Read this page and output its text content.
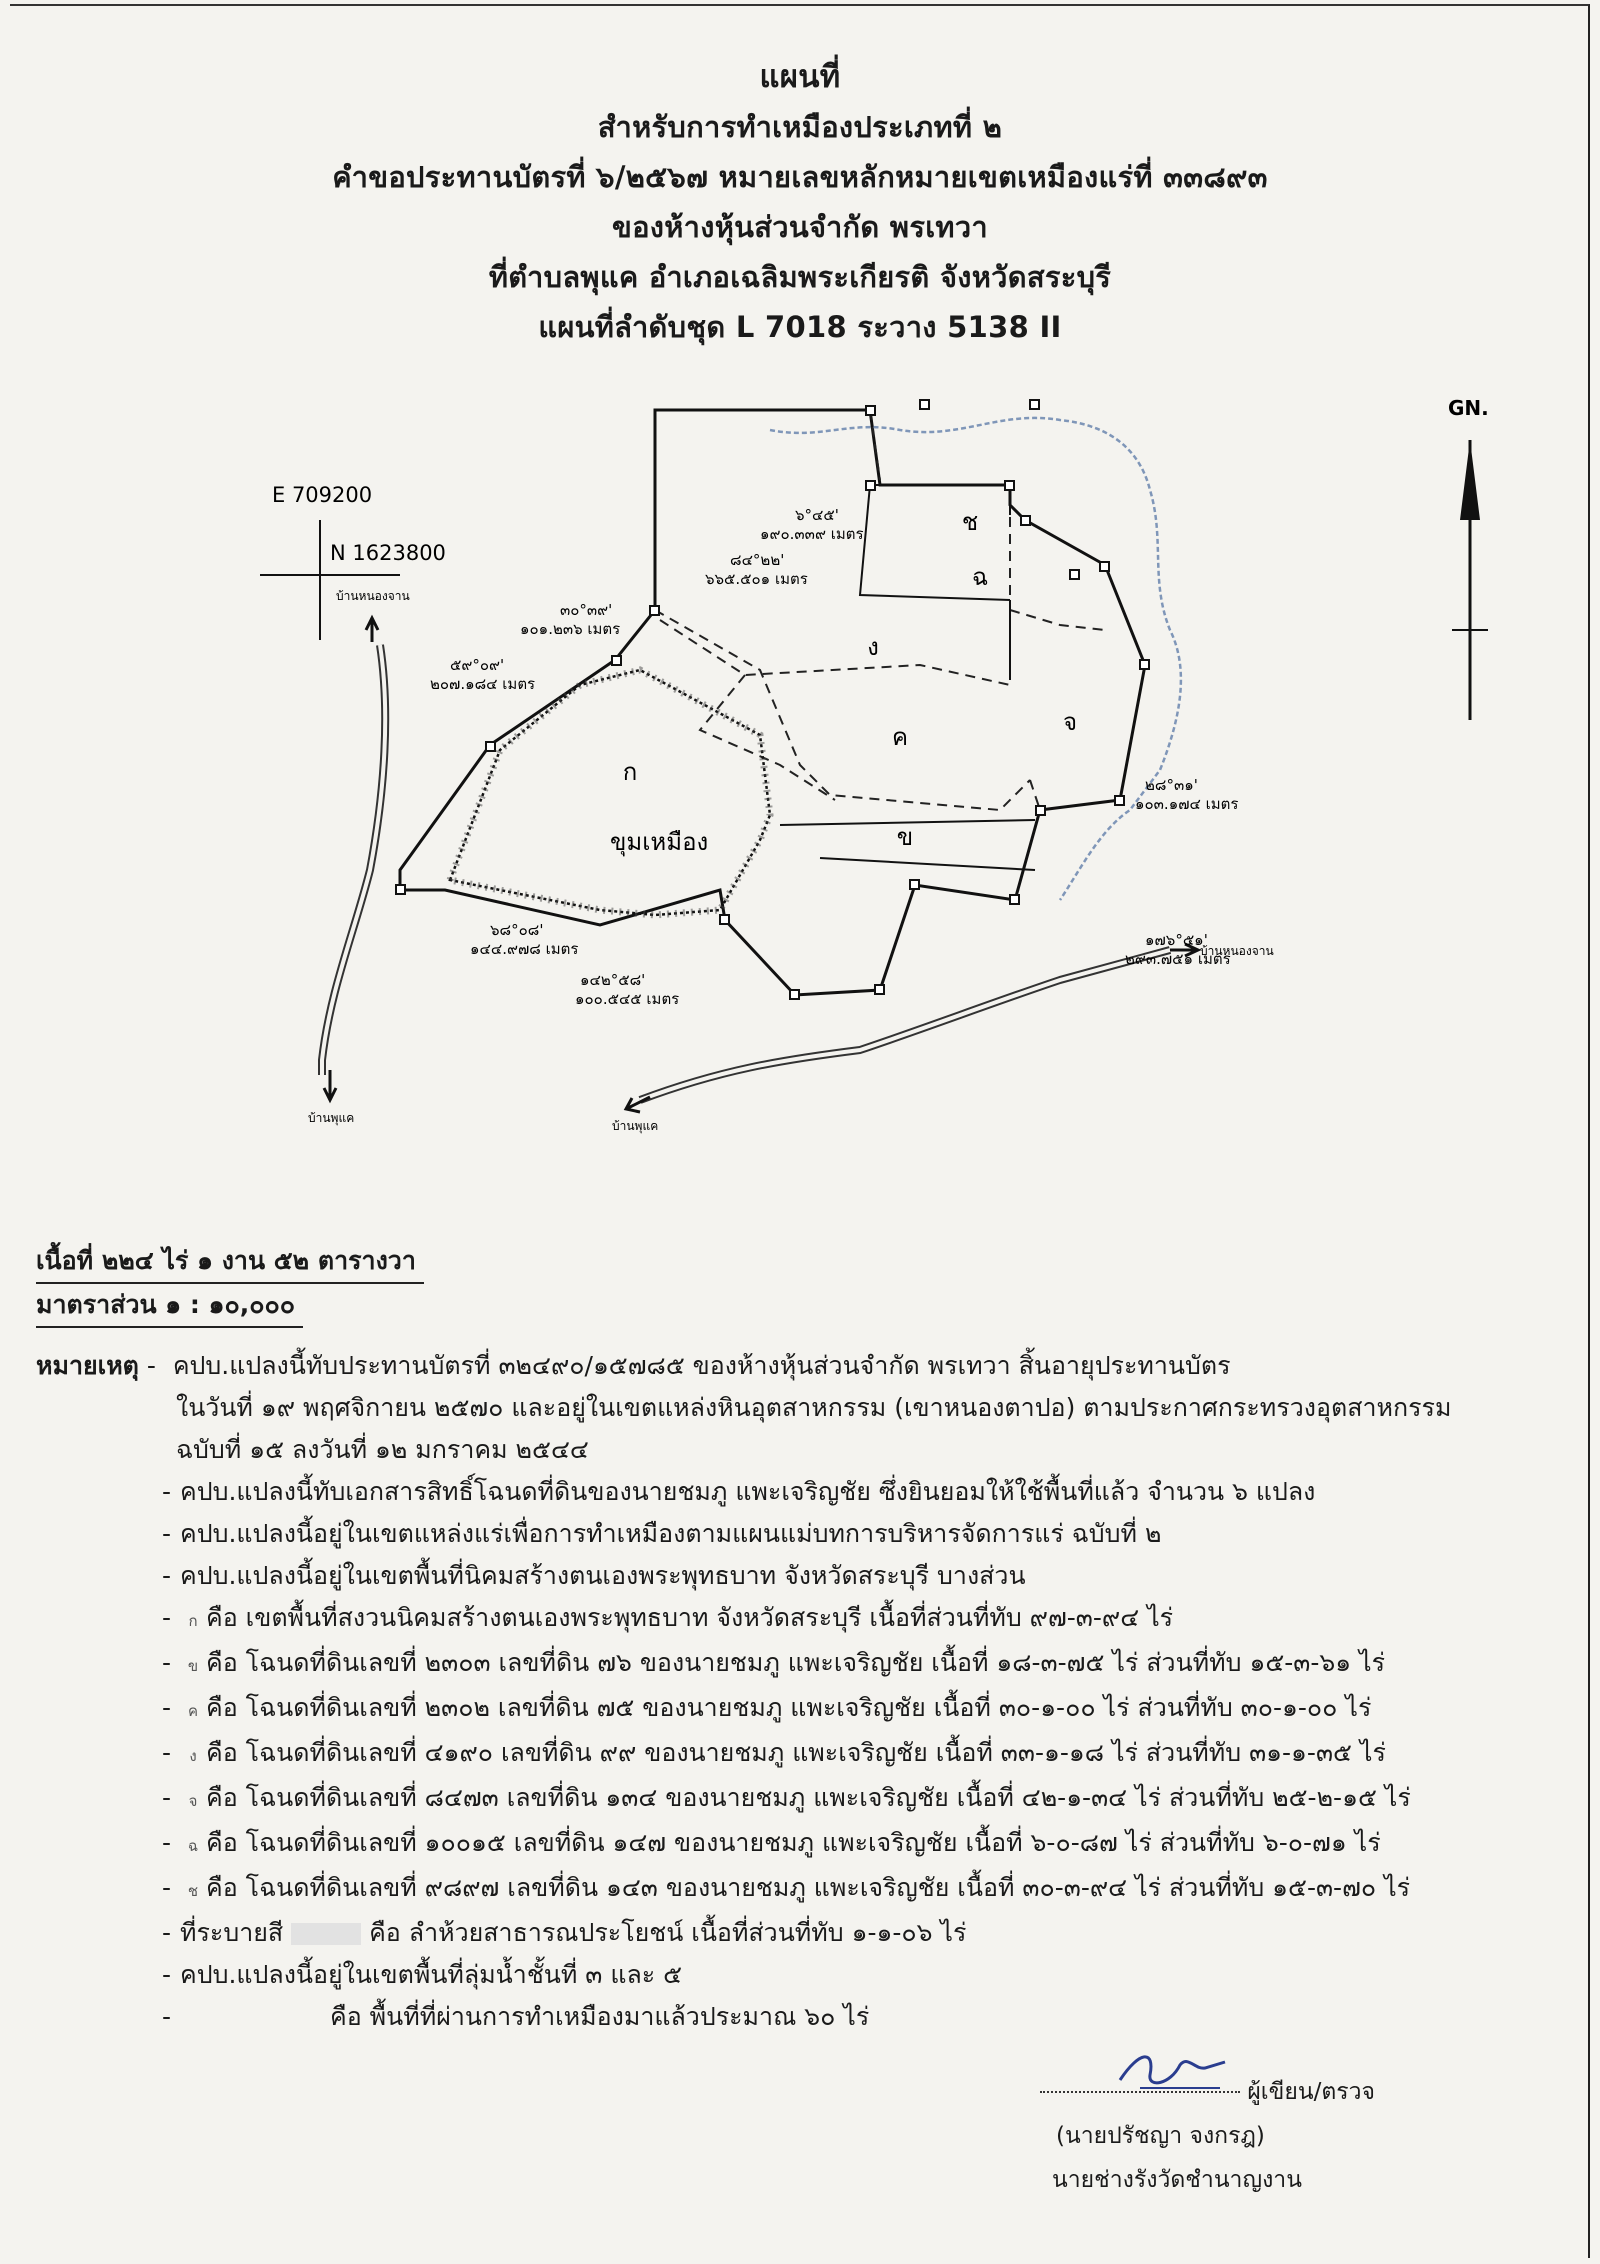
แผนที่
สำหรับการทำเหมืองประเภทที่ ๒
คำขอประทานบัตรที่ ๖/๒๕๖๗ หมายเลขหลักหมายเขตเหมืองแร่ที่ ๓๓๘๙๓
ของห้างหุ้นส่วนจำกัด พรเทวา
ที่ตำบลพุแค อำเภอเฉลิมพระเกียรติ จังหวัดสระบุรี
แผนที่ลำดับชุด L 7018 ระวาง 5138 II
GN.
E 709200
N 1623800
บ้านหนองจาน
บ้านพุแค
บ้านหนองจาน
บ้านพุแค
ก
ข
ค
ง
จ
ฉ
ช
ขุมเหมือง
๓๐°๓๙'
๑๐๑.๒๓๖ เมตร
๕๙°๐๙'
๒๐๗.๑๘๔ เมตร
๘๔°๒๒'
๖๖๕.๕๐๑ เมตร
๖°๔๕'
๑๙๐.๓๓๙ เมตร
๖๘°๐๘'
๑๔๔.๙๗๘ เมตร
๑๔๒°๕๘'
๑๐๐.๕๔๕ เมตร
๒๘°๓๑'
๑๐๓.๑๗๔ เมตร
๑๗๖°๕๑'
๒๙๓.๗๕๑ เมตร
เนื้อที่ ๒๒๔ ไร่ ๑ งาน ๕๒ ตารางวา
มาตราส่วน ๑ : ๑๐,๐๐๐
หมายเหตุ - คปบ.แปลงนี้ทับประทานบัตรที่ ๓๒๔๙๐/๑๕๗๘๕ ของห้างหุ้นส่วนจำกัด พรเทวา สิ้นอายุประทานบัตร
ในวันที่ ๑๙ พฤศจิกายน ๒๕๗๐ และอยู่ในเขตแหล่งหินอุตสาหกรรม (เขาหนองตาปอ) ตามประกาศกระทรวงอุตสาหกรรม
ฉบับที่ ๑๕ ลงวันที่ ๑๒ มกราคม ๒๕๔๔
- คปบ.แปลงนี้ทับเอกสารสิทธิ์โฉนดที่ดินของนายชมภู แพะเจริญชัย ซึ่งยินยอมให้ใช้พื้นที่แล้ว จำนวน ๖ แปลง
- คปบ.แปลงนี้อยู่ในเขตแหล่งแร่เพื่อการทำเหมืองตามแผนแม่บทการบริหารจัดการแร่ ฉบับที่ ๒
- คปบ.แปลงนี้อยู่ในเขตพื้นที่นิคมสร้างตนเองพระพุทธบาท จังหวัดสระบุรี บางส่วน
- ก คือ เขตพื้นที่สงวนนิคมสร้างตนเองพระพุทธบาท จังหวัดสระบุรี เนื้อที่ส่วนที่ทับ ๙๗-๓-๙๔ ไร่
- ข คือ โฉนดที่ดินเลขที่ ๒๓๐๓ เลขที่ดิน ๗๖ ของนายชมภู แพะเจริญชัย เนื้อที่ ๑๘-๓-๗๕ ไร่ ส่วนที่ทับ ๑๕-๓-๖๑ ไร่
- ค คือ โฉนดที่ดินเลขที่ ๒๓๐๒ เลขที่ดิน ๗๕ ของนายชมภู แพะเจริญชัย เนื้อที่ ๓๐-๑-๐๐ ไร่ ส่วนที่ทับ ๓๐-๑-๐๐ ไร่
- ง คือ โฉนดที่ดินเลขที่ ๔๑๙๐ เลขที่ดิน ๙๙ ของนายชมภู แพะเจริญชัย เนื้อที่ ๓๓-๑-๑๘ ไร่ ส่วนที่ทับ ๓๑-๑-๓๕ ไร่
- จ คือ โฉนดที่ดินเลขที่ ๘๔๗๓ เลขที่ดิน ๑๓๔ ของนายชมภู แพะเจริญชัย เนื้อที่ ๔๒-๑-๓๔ ไร่ ส่วนที่ทับ ๒๕-๒-๑๕ ไร่
- ฉ คือ โฉนดที่ดินเลขที่ ๑๐๐๑๕ เลขที่ดิน ๑๔๗ ของนายชมภู แพะเจริญชัย เนื้อที่ ๖-๐-๘๗ ไร่ ส่วนที่ทับ ๖-๐-๗๑ ไร่
- ช คือ โฉนดที่ดินเลขที่ ๙๘๙๗ เลขที่ดิน ๑๔๓ ของนายชมภู แพะเจริญชัย เนื้อที่ ๓๐-๓-๙๔ ไร่ ส่วนที่ทับ ๑๕-๓-๗๐ ไร่
- ที่ระบายสี	คือ ลำห้วยสาธารณประโยชน์ เนื้อที่ส่วนที่ทับ ๑-๑-๐๖ ไร่
- คปบ.แปลงนี้อยู่ในเขตพื้นที่ลุ่มน้ำชั้นที่ ๓ และ ๕
-	คือ พื้นที่ที่ผ่านการทำเหมืองมาแล้วประมาณ ๖๐ ไร่

ผู้เขียน/ตรวจ
(นายปรัชญา จงกรฎ)
นายช่างรังวัดชำนาญงาน
